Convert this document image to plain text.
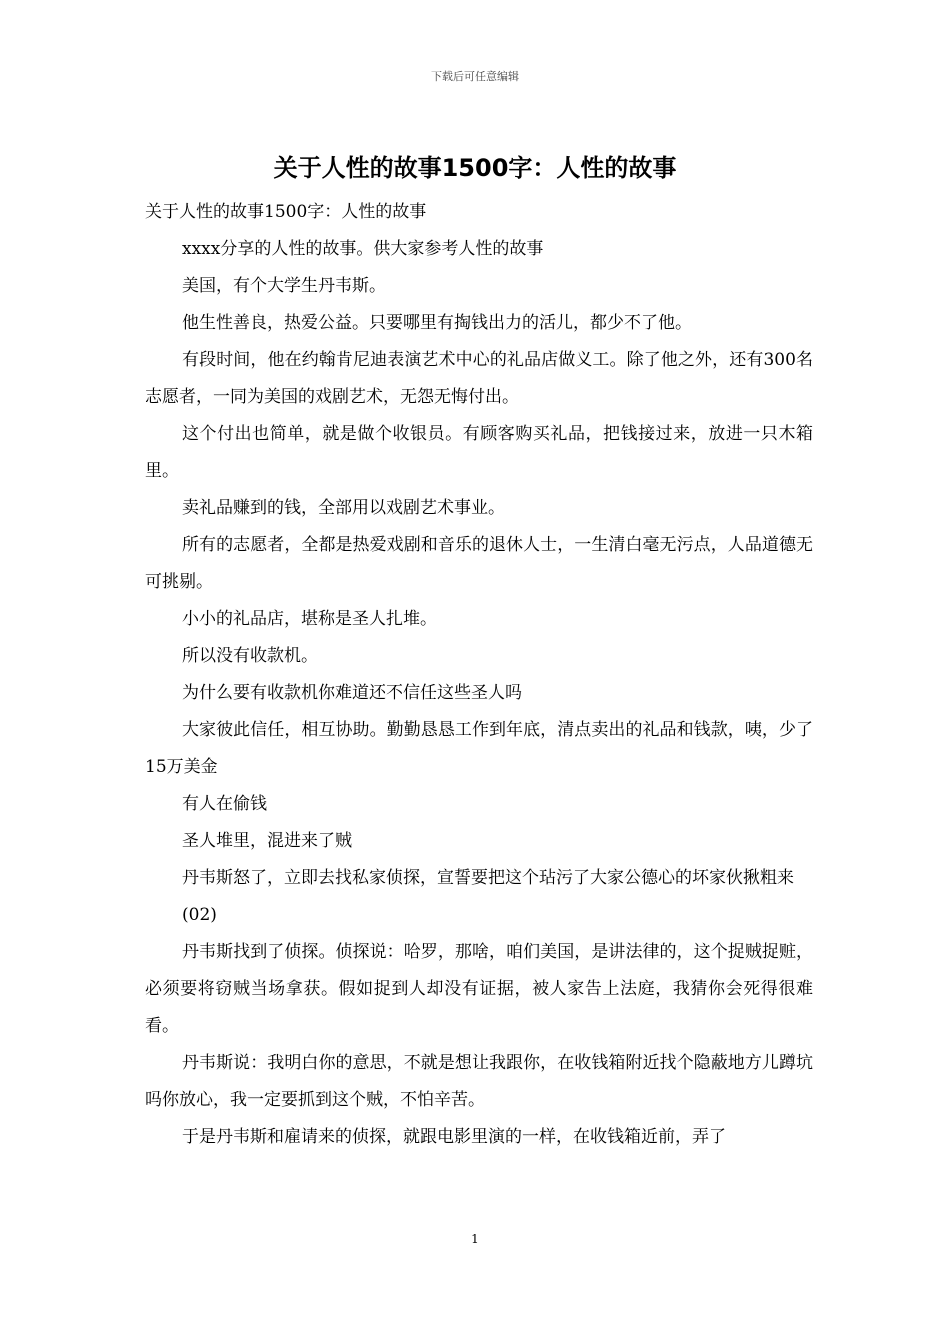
下载后可任意编辑
关于人性的故事1500字：人性的故事

关于人性的故事1500字：人性的故事

xxxx分享的人性的故事。供大家参考人性的故事

美国，有个大学生丹韦斯。

他生性善良，热爱公益。只要哪里有掏钱出力的活儿，都少不了他。

有段时间，他在约翰肯尼迪表演艺术中心的礼品店做义工。除了他之外，还有300名志愿者，一同为美国的戏剧艺术，无怨无悔付出。

这个付出也简单，就是做个收银员。有顾客购买礼品，把钱接过来，放进一只木箱里。

卖礼品赚到的钱，全部用以戏剧艺术事业。

所有的志愿者，全都是热爱戏剧和音乐的退休人士，一生清白毫无污点，人品道德无可挑剔。

小小的礼品店，堪称是圣人扎堆。

所以没有收款机。

为什么要有收款机你难道还不信任这些圣人吗

大家彼此信任，相互协助。勤勤恳恳工作到年底，清点卖出的礼品和钱款，咦，少了15万美金

有人在偷钱

圣人堆里，混进来了贼

丹韦斯怒了，立即去找私家侦探，宣誓要把这个玷污了大家公德心的坏家伙揪粗来

(02)

丹韦斯找到了侦探。侦探说：哈罗，那啥，咱们美国，是讲法律的，这个捉贼捉赃，必须要将窃贼当场拿获。假如捉到人却没有证据，被人家告上法庭，我猜你会死得很难看。

丹韦斯说：我明白你的意思，不就是想让我跟你，在收钱箱附近找个隐蔽地方儿蹲坑吗你放心，我一定要抓到这个贼，不怕辛苦。

于是丹韦斯和雇请来的侦探，就跟电影里演的一样，在收钱箱近前，弄了

1
